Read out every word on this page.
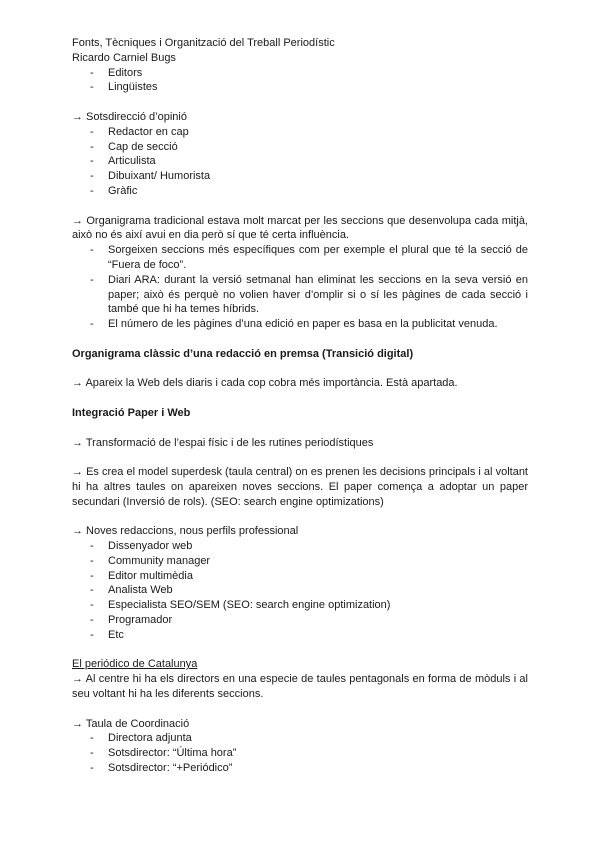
Fonts, Tècniques i Organització del Treball Periodístic
Ricardo Carniel Bugs
- Editors
- Lingüistes
→ Sotsdirecció d’opinió
- Redactor en cap
- Cap de secció
- Articulista
- Dibuixant/ Humorista
- Gràfic
→ Organigrama tradicional estava molt marcat per les seccions que desenvolupa cada mitjà, això no és així avui en dia però sí que té certa influència.
- Sorgeixen seccions més específiques com per exemple el plural que té la secció de “Fuera de foco”.
- Diari ARA: durant la versió setmanal han eliminat les seccions en la seva versió en paper; això és perquè no volien haver d’omplir si o sí les pàgines de cada secció i també que hi ha temes híbrids.
- El número de les pàgines d’una edició en paper es basa en la publicitat venuda.
Organigrama clàssic d’una redacció en premsa (Transició digital)
→ Apareix la Web dels diaris i cada cop cobra més importància. Està apartada.
Integració Paper i Web
→ Transformació de l’espai físic i de les rutines periodístiques
→ Es crea el model superdesk (taula central) on es prenen les decisions principals i al voltant hi ha altres taules on apareixen noves seccions. El paper comença a adoptar un paper secundari (Inversió de rols). (SEO: search engine optimizations)
→ Noves redaccions, nous perfils professional
- Dissenyador web
- Community manager
- Editor multimèdia
- Analista Web
- Especialista SEO/SEM (SEO: search engine optimization)
- Programador
- Etc
El periódico de Catalunya
→ Al centre hi ha els directors en una especie de taules pentagonals en forma de mòduls i al seu voltant hi ha les diferents seccions.
→ Taula de Coordinació
- Directora adjunta
- Sotsdirector: “Última hora”
- Sotsdirector: “+Periódico”
